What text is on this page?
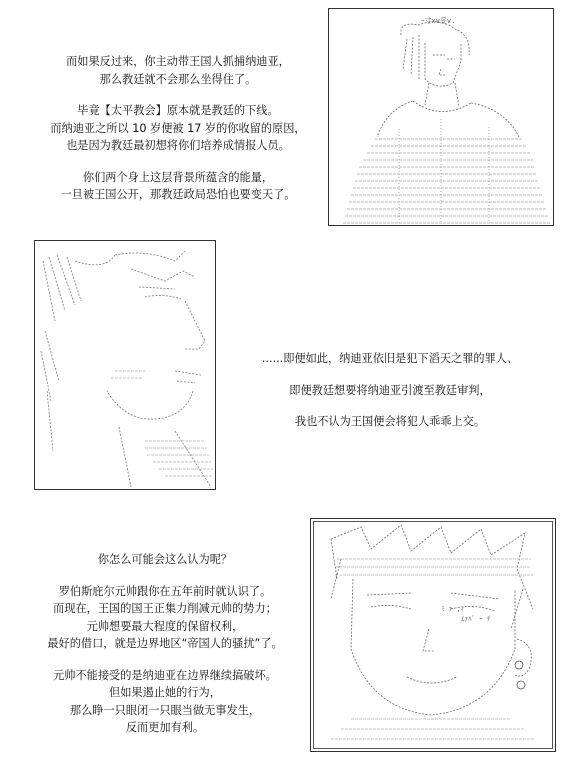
而如果反过来，你主动带王国人抓捕纳迪亚，

那么教廷就不会那么坐得住了。

毕竟【太平教会】原本就是教廷的下线。

而纳迪亚之所以 10 岁便被 17 岁的你收留的原因，

也是因为教廷最初想将你们培养成情报人员。

你们两个身上这层背景所蕴含的能量，

一旦被王国公开，那教廷政局恐怕也要变天了。

ｰ寸xv妥v.

......即便如此，纳迪亚依旧是犯下滔天之罪的罪人、

即便教廷想要将纳迪亚引渡至教廷审判，

我也不认为王国便会将犯人乖乖上交。

你怎么可能会这么认为呢？

罗伯斯庇尔元帅跟你在五年前时就认识了。

而现在，王国的国王正集力削减元帅的势力；

元帅想要最大程度的保留权利，

最好的借口，就是边界地区“帝国人的骚扰”了。

元帅不能接受的是纳迪亚在边界继续搞破坏。

但如果遏止她的行为，

那么睁一只眼闭一只眼当做无事发生，

反而更加有利。

ﾐ ｧ ,ｨ
ｴｧﾊﾞ ｰ ﾃ
